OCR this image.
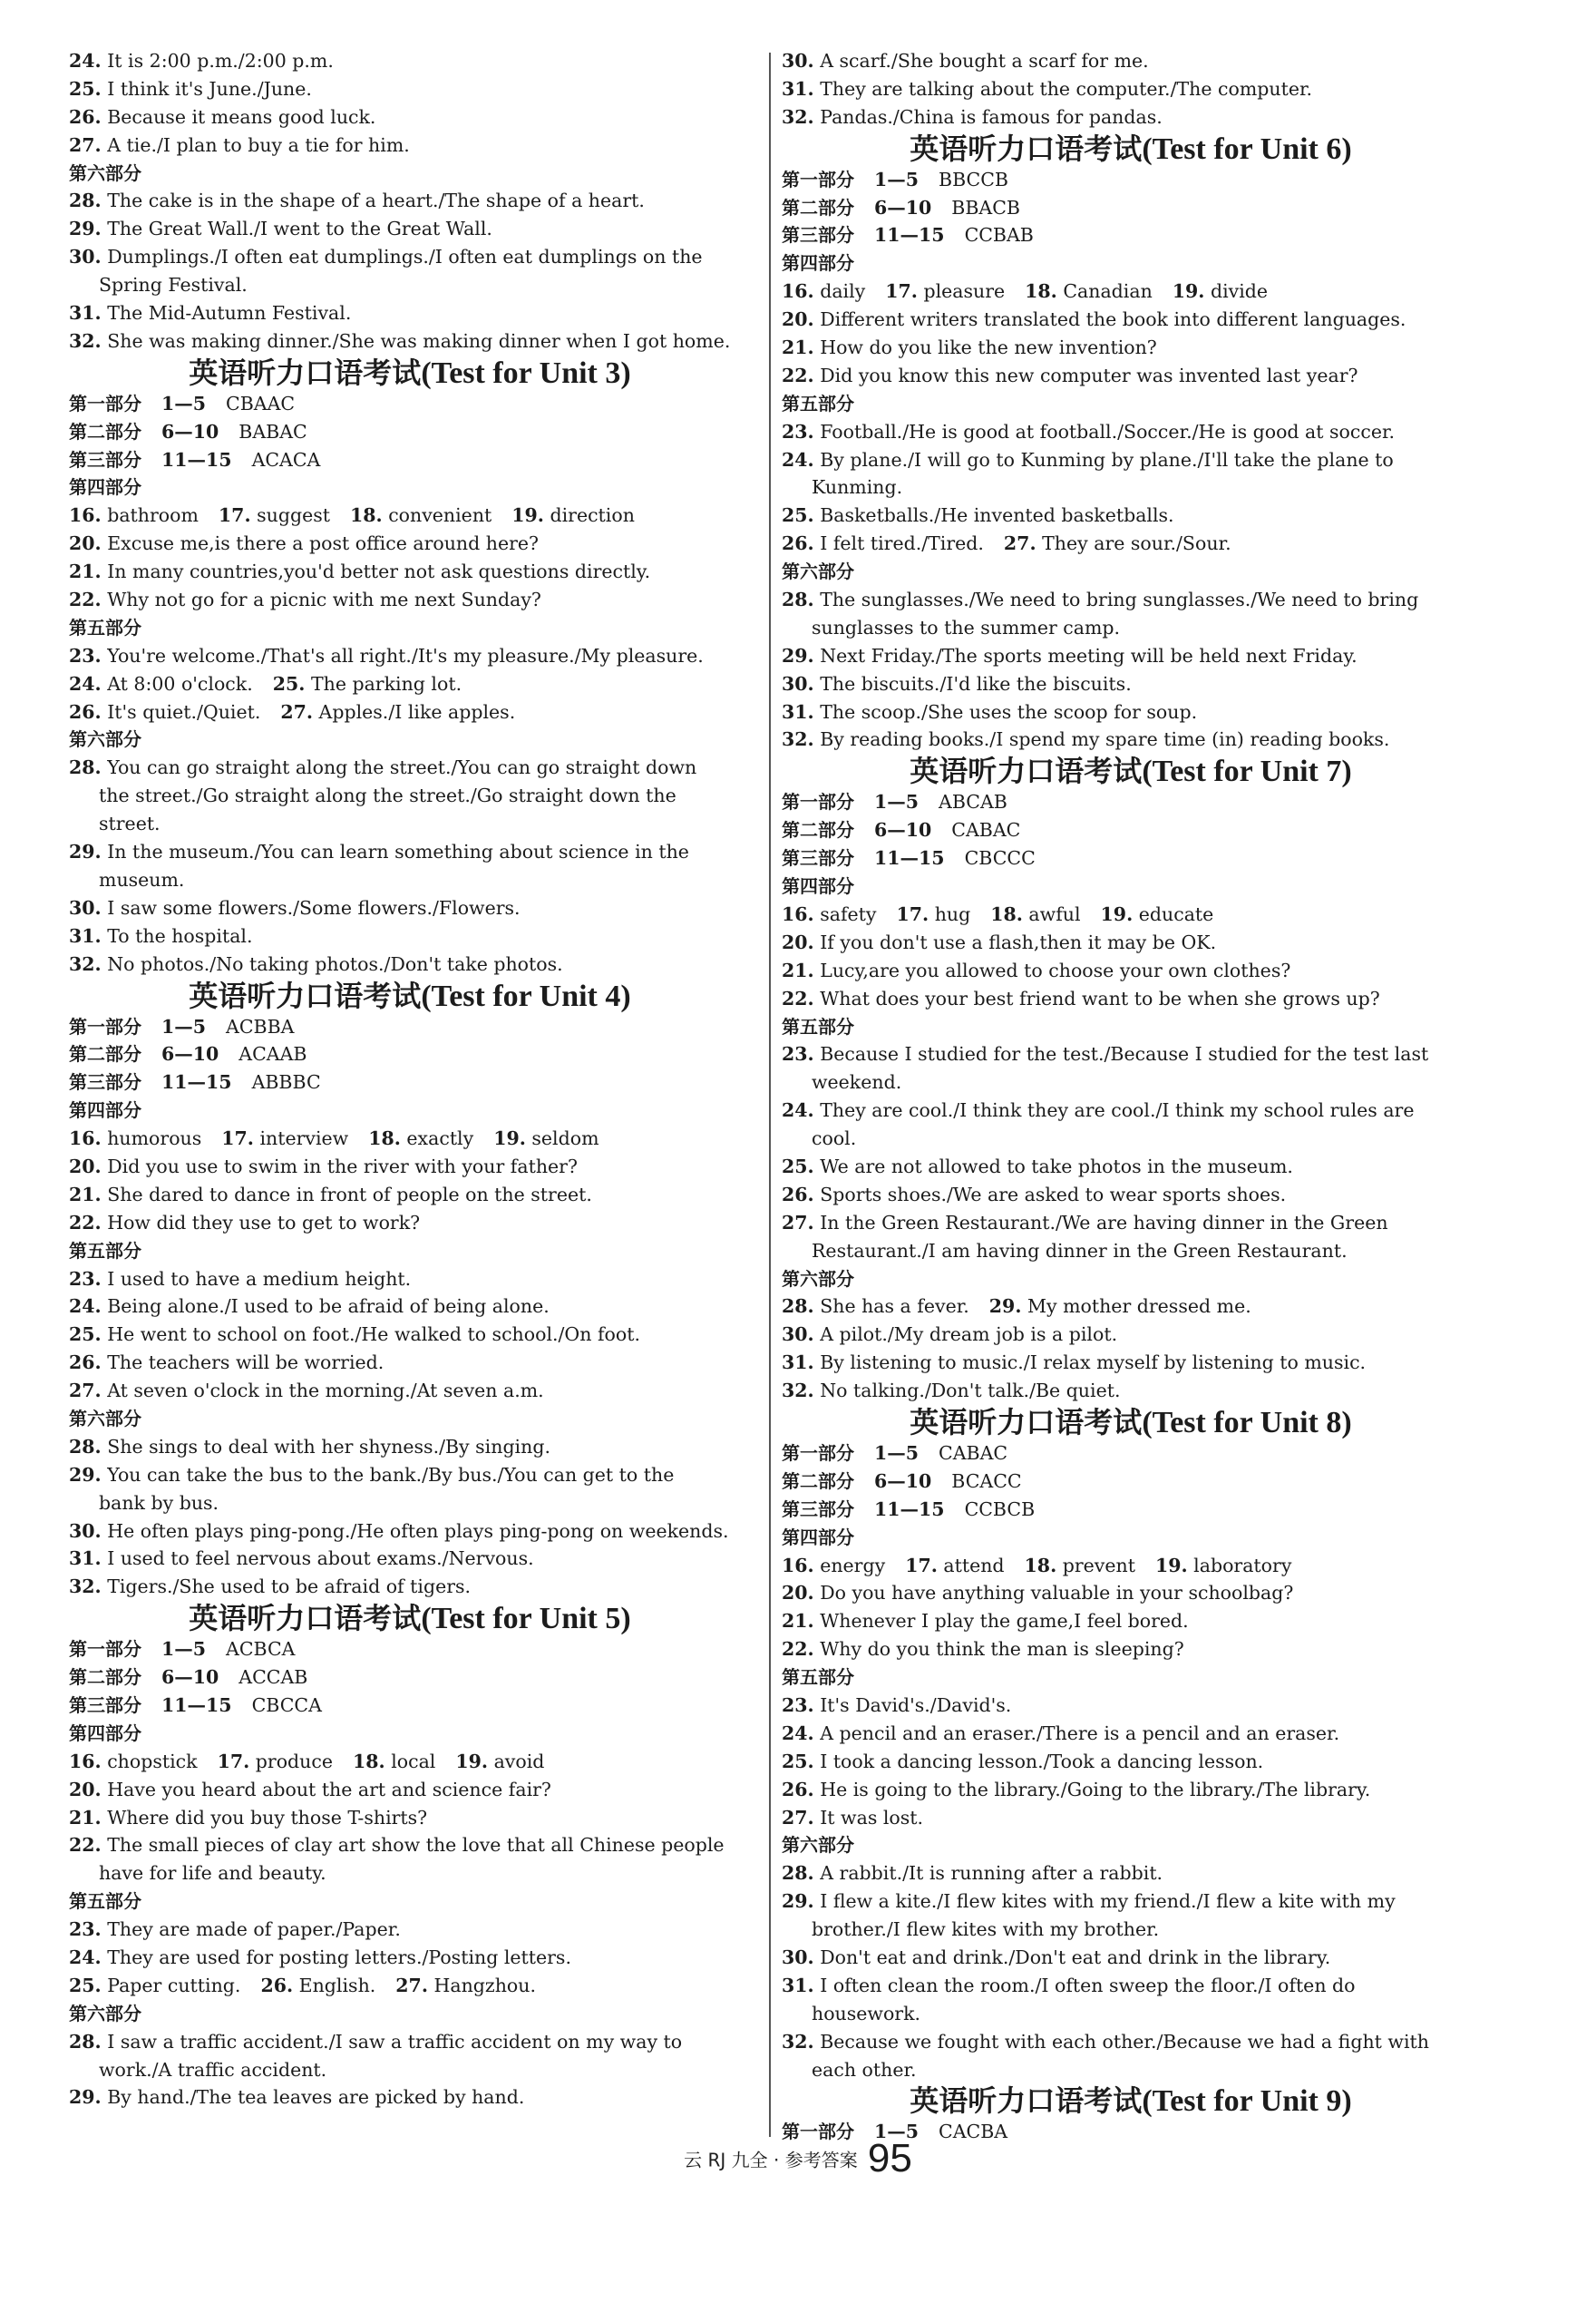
24. It is 2:00 p.m./2:00 p.m.
25. I think it's June./June.
26. Because it means good luck.
27. A tie./I plan to buy a tie for him.
第六部分
28. The cake is in the shape of a heart./The shape of a heart.
29. The Great Wall./I went to the Great Wall.
30. Dumplings./I often eat dumplings./I often eat dumplings on the
Spring Festival.
31. The Mid-Autumn Festival.
32. She was making dinner./She was making dinner when I got home.
英语听力口语考试(Test for Unit 3)
第一部分 1—5 CBAAC
第二部分 6—10 BABAC
第三部分 11—15 ACACA
第四部分
16. bathroom 17. suggest 18. convenient 19. direction
20. Excuse me,is there a post office around here?
21. In many countries,you'd better not ask questions directly.
22. Why not go for a picnic with me next Sunday?
第五部分
23. You're welcome./That's all right./It's my pleasure./My pleasure.
24. At 8:00 o'clock. 25. The parking lot.
26. It's quiet./Quiet. 27. Apples./I like apples.
第六部分
28. You can go straight along the street./You can go straight down
the street./Go straight along the street./Go straight down the
street.
29. In the museum./You can learn something about science in the
museum.
30. I saw some flowers./Some flowers./Flowers.
31. To the hospital.
32. No photos./No taking photos./Don't take photos.
英语听力口语考试(Test for Unit 4)
第一部分 1—5 ACBBA
第二部分 6—10 ACAAB
第三部分 11—15 ABBBC
第四部分
16. humorous 17. interview 18. exactly 19. seldom
20. Did you use to swim in the river with your father?
21. She dared to dance in front of people on the street.
22. How did they use to get to work?
第五部分
23. I used to have a medium height.
24. Being alone./I used to be afraid of being alone.
25. He went to school on foot./He walked to school./On foot.
26. The teachers will be worried.
27. At seven o'clock in the morning./At seven a.m.
第六部分
28. She sings to deal with her shyness./By singing.
29. You can take the bus to the bank./By bus./You can get to the
bank by bus.
30. He often plays ping-pong./He often plays ping-pong on weekends.
31. I used to feel nervous about exams./Nervous.
32. Tigers./She used to be afraid of tigers.
英语听力口语考试(Test for Unit 5)
第一部分 1—5 ACBCA
第二部分 6—10 ACCAB
第三部分 11—15 CBCCA
第四部分
16. chopstick 17. produce 18. local 19. avoid
20. Have you heard about the art and science fair?
21. Where did you buy those T-shirts?
22. The small pieces of clay art show the love that all Chinese people
have for life and beauty.
第五部分
23. They are made of paper./Paper.
24. They are used for posting letters./Posting letters.
25. Paper cutting. 26. English. 27. Hangzhou.
第六部分
28. I saw a traffic accident./I saw a traffic accident on my way to
work./A traffic accident.
29. By hand./The tea leaves are picked by hand.
30. A scarf./She bought a scarf for me.
31. They are talking about the computer./The computer.
32. Pandas./China is famous for pandas.
英语听力口语考试(Test for Unit 6)
第一部分 1—5 BBCCB
第二部分 6—10 BBACB
第三部分 11—15 CCBAB
第四部分
16. daily 17. pleasure 18. Canadian 19. divide
20. Different writers translated the book into different languages.
21. How do you like the new invention?
22. Did you know this new computer was invented last year?
第五部分
23. Football./He is good at football./Soccer./He is good at soccer.
24. By plane./I will go to Kunming by plane./I'll take the plane to
Kunming.
25. Basketballs./He invented basketballs.
26. I felt tired./Tired. 27. They are sour./Sour.
第六部分
28. The sunglasses./We need to bring sunglasses./We need to bring
sunglasses to the summer camp.
29. Next Friday./The sports meeting will be held next Friday.
30. The biscuits./I'd like the biscuits.
31. The scoop./She uses the scoop for soup.
32. By reading books./I spend my spare time (in) reading books.
英语听力口语考试(Test for Unit 7)
第一部分 1—5 ABCAB
第二部分 6—10 CABAC
第三部分 11—15 CBCCC
第四部分
16. safety 17. hug 18. awful 19. educate
20. If you don't use a flash,then it may be OK.
21. Lucy,are you allowed to choose your own clothes?
22. What does your best friend want to be when she grows up?
第五部分
23. Because I studied for the test./Because I studied for the test last
weekend.
24. They are cool./I think they are cool./I think my school rules are
cool.
25. We are not allowed to take photos in the museum.
26. Sports shoes./We are asked to wear sports shoes.
27. In the Green Restaurant./We are having dinner in the Green
Restaurant./I am having dinner in the Green Restaurant.
第六部分
28. She has a fever. 29. My mother dressed me.
30. A pilot./My dream job is a pilot.
31. By listening to music./I relax myself by listening to music.
32. No talking./Don't talk./Be quiet.
英语听力口语考试(Test for Unit 8)
第一部分 1—5 CABAC
第二部分 6—10 BCACC
第三部分 11—15 CCBCB
第四部分
16. energy 17. attend 18. prevent 19. laboratory
20. Do you have anything valuable in your schoolbag?
21. Whenever I play the game,I feel bored.
22. Why do you think the man is sleeping?
第五部分
23. It's David's./David's.
24. A pencil and an eraser./There is a pencil and an eraser.
25. I took a dancing lesson./Took a dancing lesson.
26. He is going to the library./Going to the library./The library.
27. It was lost.
第六部分
28. A rabbit./It is running after a rabbit.
29. I flew a kite./I flew kites with my friend./I flew a kite with my
brother./I flew kites with my brother.
30. Don't eat and drink./Don't eat and drink in the library.
31. I often clean the room./I often sweep the floor./I often do
housework.
32. Because we fought with each other./Because we had a fight with
each other.
英语听力口语考试(Test for Unit 9)
第一部分 1—5 CACBA
云 RJ 九全 · 参考答案 95
